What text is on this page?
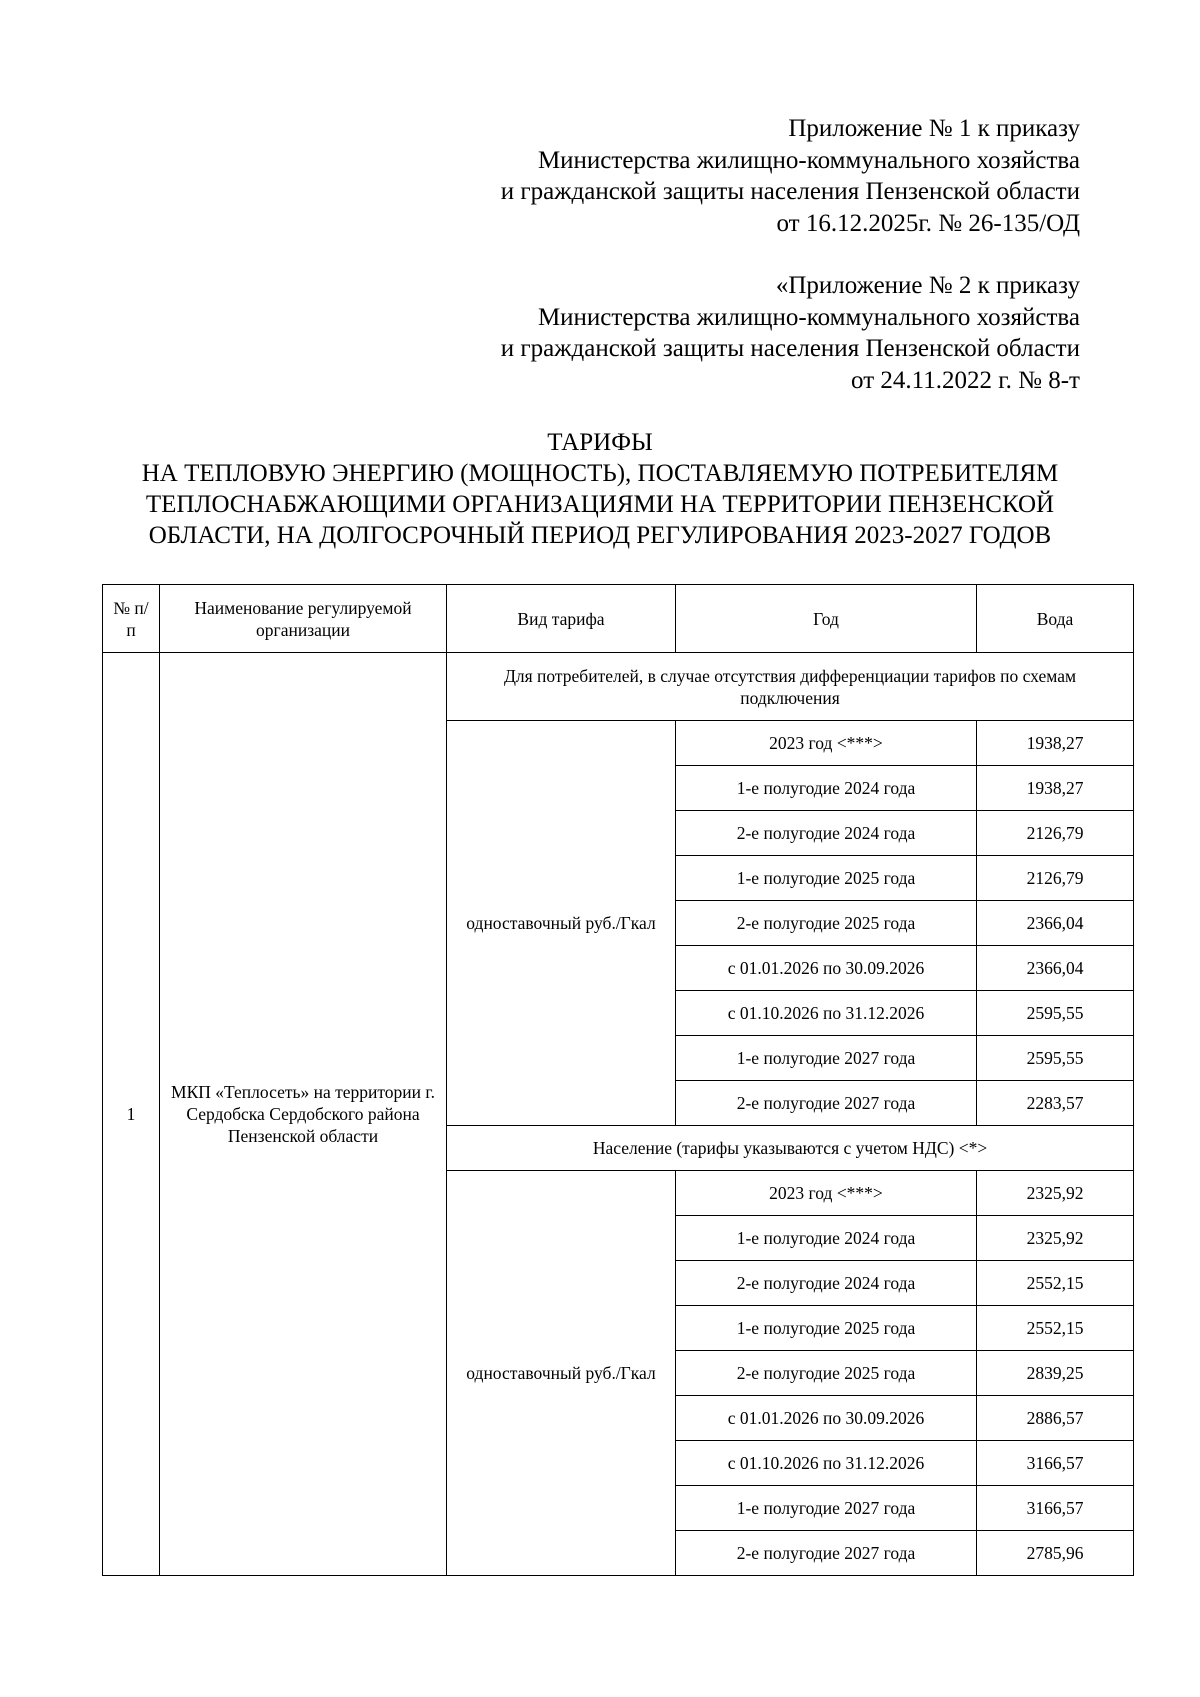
Приложение № 1 к приказу
Министерства жилищно-коммунального хозяйства
и гражданской защиты населения Пензенской области
от 16.12.2025г. № 26-135/ОД
«Приложение № 2 к приказу
Министерства жилищно-коммунального хозяйства
и гражданской защиты населения Пензенской области
от 24.11.2022 г. № 8-т
ТАРИФЫ
НА ТЕПЛОВУЮ ЭНЕРГИЮ (МОЩНОСТЬ), ПОСТАВЛЯЕМУЮ ПОТРЕБИТЕЛЯМ
ТЕПЛОСНАБЖАЮЩИМИ ОРГАНИЗАЦИЯМИ НА ТЕРРИТОРИИ ПЕНЗЕНСКОЙ
ОБЛАСТИ, НА ДОЛГОСРОЧНЫЙ ПЕРИОД РЕГУЛИРОВАНИЯ 2023-2027 ГОДОВ
№ п/п	Наименование регулируемой организации	Вид тарифа	Год	Вода
1	МКП «Теплосеть» на территории г. Сердобска Сердобского района Пензенской области	Для потребителей, в случае отсутствия дифференциации тарифов по схемам подключения		
		одноставочный руб./Гкал	2023 год <***>	1938,27
			1-е полугодие 2024 года	1938,27
			2-е полугодие 2024 года	2126,79
			1-е полугодие 2025 года	2126,79
			2-е полугодие 2025 года	2366,04
			с 01.01.2026 по 30.09.2026	2366,04
			с 01.10.2026 по 31.12.2026	2595,55
			1-е полугодие 2027 года	2595,55
			2-е полугодие 2027 года	2283,57
		Население (тарифы указываются с учетом НДС) <*>		
		одноставочный руб./Гкал	2023 год <***>	2325,92
			1-е полугодие 2024 года	2325,92
			2-е полугодие 2024 года	2552,15
			1-е полугодие 2025 года	2552,15
			2-е полугодие 2025 года	2839,25
			с 01.01.2026 по 30.09.2026	2886,57
			с 01.10.2026 по 31.12.2026	3166,57
			1-е полугодие 2027 года	3166,57
			2-е полугодие 2027 года	2785,96
